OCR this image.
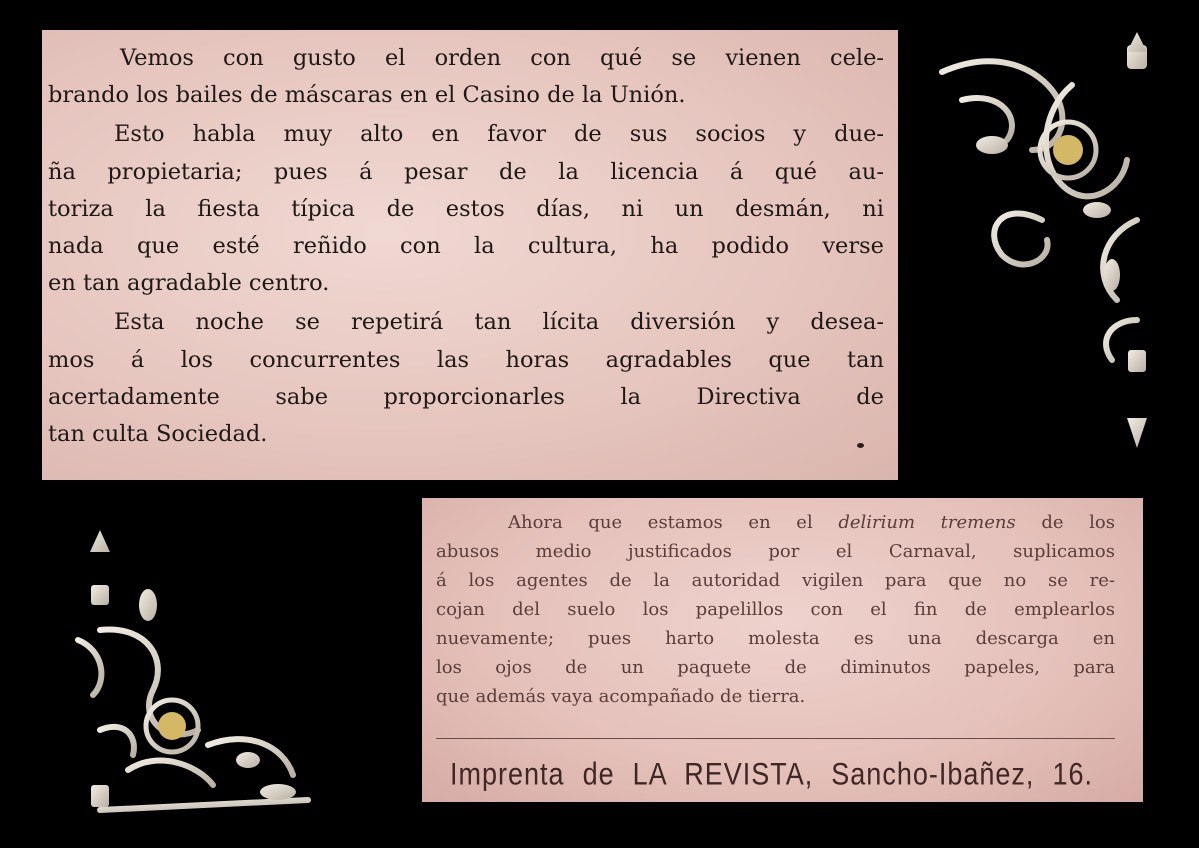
Vemos con gusto el orden con qué se vienen cele-
brando los bailes de máscaras en el Casino de la Unión.
Esto habla muy alto en favor de sus socios y due-
ña propietaria; pues á pesar de la licencia á qué au-
toriza la fiesta típica de estos días, ni un desmán, ni
nada que esté reñido con la cultura, ha podido verse
en tan agradable centro.
Esta noche se repetirá tan lícita diversión y desea-
mos á los concurrentes las horas agradables que tan
acertadamente sabe proporcionarles la Directiva de
tan culta Sociedad.
Ahora que estamos en el delirium tremens de los
abusos medio justificados por el Carnaval, suplicamos
á los agentes de la autoridad vigilen para que no se re-
cojan del suelo los papelillos con el fin de emplearlos
nuevamente; pues harto molesta es una descarga en
los ojos de un paquete de diminutos papeles, para
que además vaya acompañado de tierra.
Imprenta de LA REVISTA, Sancho-Ibañez, 16.
